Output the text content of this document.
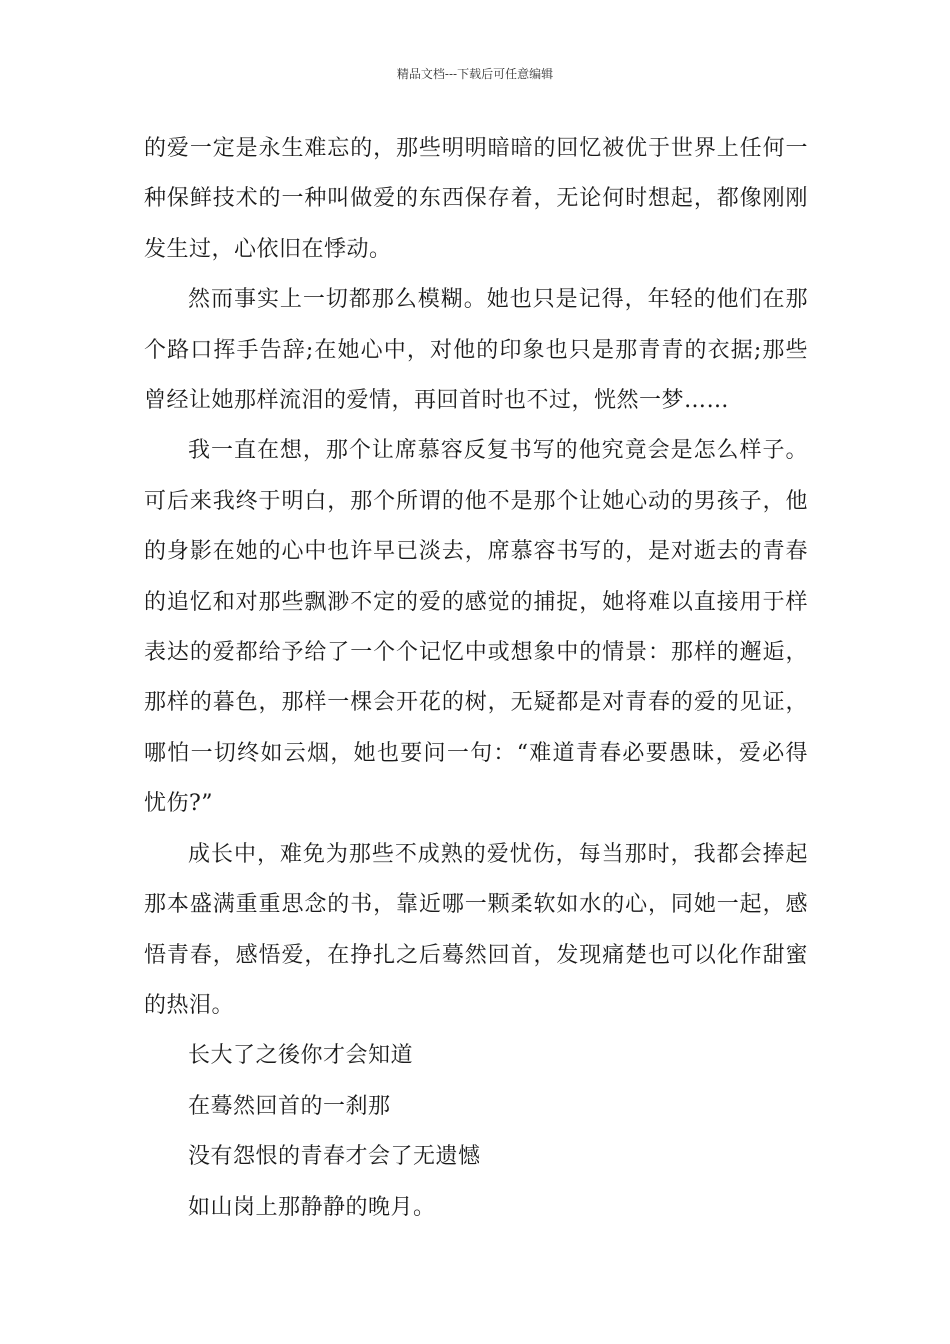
精品文档---下载后可任意编辑

的爱一定是永生难忘的，那些明明暗暗的回忆被优于世界上任何一种保鲜技术的一种叫做爱的东西保存着，无论何时想起，都像刚刚发生过，心依旧在悸动。

然而事实上一切都那么模糊。她也只是记得，年轻的他们在那个路口挥手告辞;在她心中，对他的印象也只是那青青的衣据;那些曾经让她那样流泪的爱情，再回首时也不过，恍然一梦……

我一直在想，那个让席慕容反复书写的他究竟会是怎么样子。可后来我终于明白，那个所谓的他不是那个让她心动的男孩子，他的身影在她的心中也许早已淡去，席慕容书写的，是对逝去的青春的追忆和对那些飘渺不定的爱的感觉的捕捉，她将难以直接用于样表达的爱都给予给了一个个记忆中或想象中的情景：那样的邂逅，那样的暮色，那样一棵会开花的树，无疑都是对青春的爱的见证，哪怕一切终如云烟，她也要问一句：“难道青春必要愚昧，爱必得忧伤?”

成长中，难免为那些不成熟的爱忧伤，每当那时，我都会捧起那本盛满重重思念的书，靠近哪一颗柔软如水的心，同她一起，感悟青春，感悟爱，在挣扎之后蓦然回首，发现痛楚也可以化作甜蜜的热泪。

长大了之後你才会知道

在蓦然回首的一刹那

没有怨恨的青春才会了无遗憾

如山岗上那静静的晚月。
